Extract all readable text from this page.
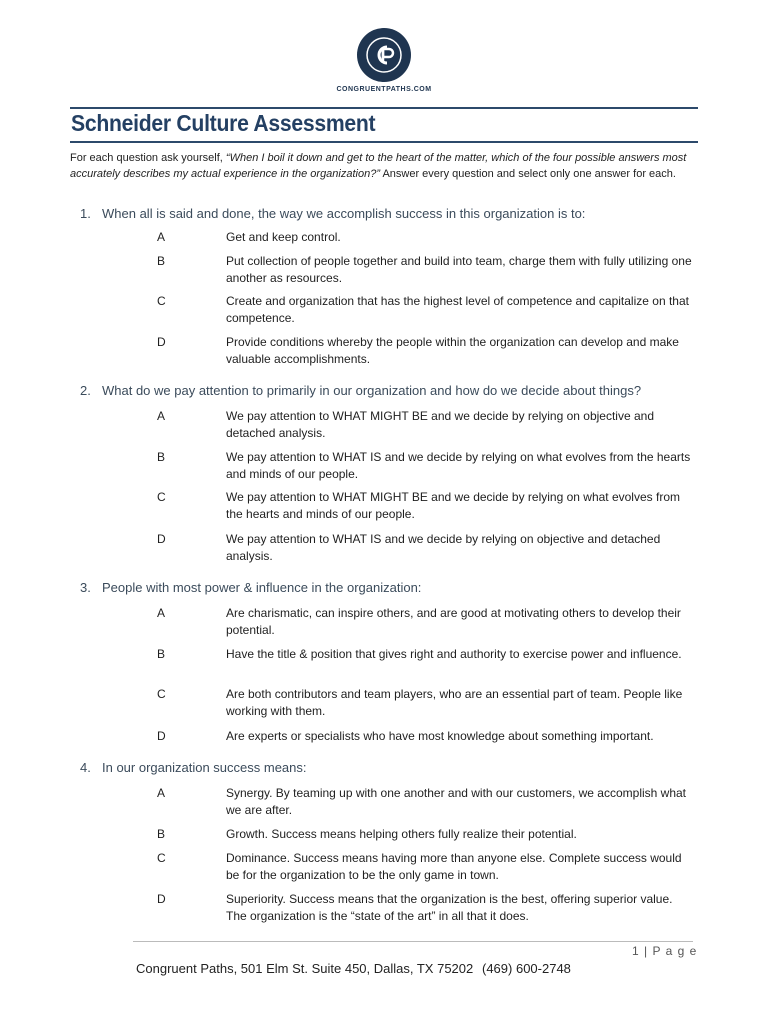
CONGRUENTPATHS.COM
Schneider Culture Assessment
For each question ask yourself, “When I boil it down and get to the heart of the matter, which of the four possible answers most accurately describes my actual experience in the organization?” Answer every question and select only one answer for each.
1. When all is said and done, the way we accomplish success in this organization is to:
A	Get and keep control.
B	Put collection of people together and build into team, charge them with fully utilizing one another as resources.
C	Create and organization that has the highest level of competence and capitalize on that competence.
D	Provide conditions whereby the people within the organization can develop and make valuable accomplishments.
2. What do we pay attention to primarily in our organization and how do we decide about things?
A	We pay attention to WHAT MIGHT BE and we decide by relying on objective and detached analysis.
B	We pay attention to WHAT IS and we decide by relying on what evolves from the hearts and minds of our people.
C	We pay attention to WHAT MIGHT BE and we decide by relying on what evolves from the hearts and minds of our people.
D	We pay attention to WHAT IS and we decide by relying on objective and detached analysis.
3. People with most power & influence in the organization:
A	Are charismatic, can inspire others, and are good at motivating others to develop their potential.
B	Have the title & position that gives right and authority to exercise power and influence.
C	Are both contributors and team players, who are an essential part of team. People like working with them.
D	Are experts or specialists who have most knowledge about something important.
4. In our organization success means:
A	Synergy. By teaming up with one another and with our customers, we accomplish what we are after.
B	Growth. Success means helping others fully realize their potential.
C	Dominance. Success means having more than anyone else. Complete success would be for the organization to be the only game in town.
D	Superiority. Success means that the organization is the best, offering superior value. The organization is the “state of the art” in all that it does.
1 | P a g e
Congruent Paths, 501 Elm St. Suite 450, Dallas, TX 75202 (469) 600-2748
